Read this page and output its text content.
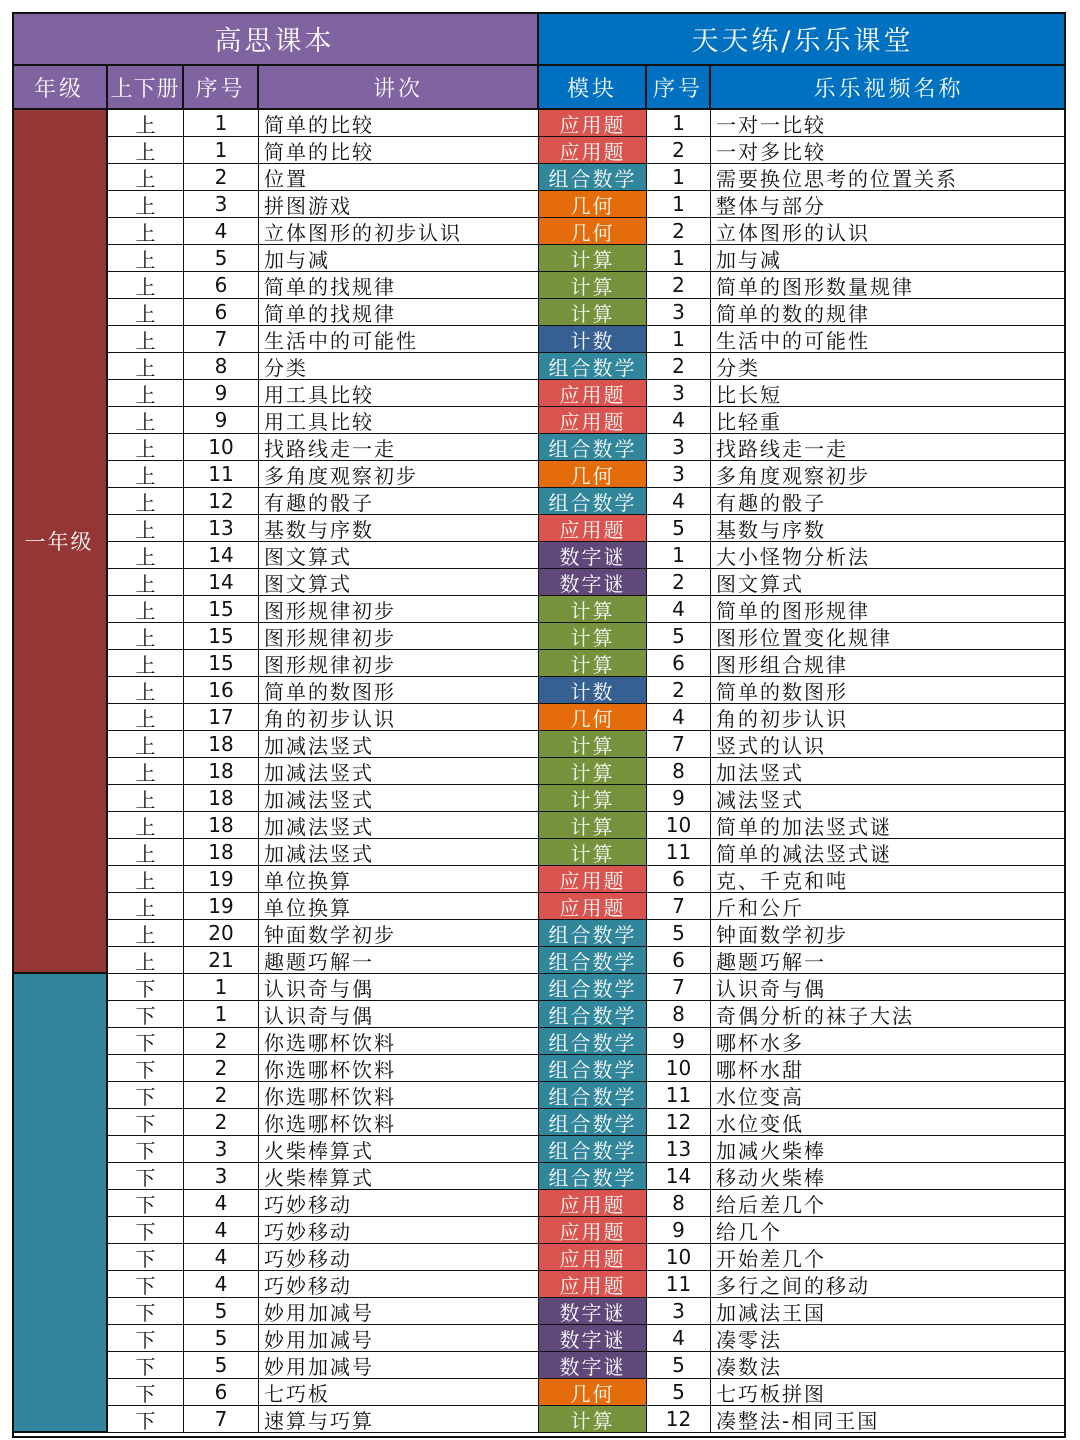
高思课本	天天练/乐乐课堂
年级	上下册 序号	讲次	模块	序号	乐乐视频名称
一年级
上	1	简单的比较	应用题	1	一对一比较
上	1	简单的比较	应用题	2	一对多比较
上	2	位置	组合数学	1	需要换位思考的位置关系
上	3	拼图游戏	几何	1	整体与部分
上	4	立体图形的初步认识	几何	2	立体图形的认识
上	5	加与减	计算	1	加与减
上	6	简单的找规律	计算	2	简单的图形数量规律
上	6	简单的找规律	计算	3	简单的数的规律
上	7	生活中的可能性	计数	1	生活中的可能性
上	8	分类	组合数学	2	分类
上	9	用工具比较	应用题	3	比长短
上	9	用工具比较	应用题	4	比轻重
上	10	找路线走一走	组合数学	3	找路线走一走
上	11	多角度观察初步	几何	3	多角度观察初步
上	12	有趣的骰子	组合数学	4	有趣的骰子
上	13	基数与序数	应用题	5	基数与序数
上	14	图文算式	数字谜	1	大小怪物分析法
上	14	图文算式	数字谜	2	图文算式
上	15	图形规律初步	计算	4	简单的图形规律
上	15	图形规律初步	计算	5	图形位置变化规律
上	15	图形规律初步	计算	6	图形组合规律
上	16	简单的数图形	计数	2	简单的数图形
上	17	角的初步认识	几何	4	角的初步认识
上	18	加减法竖式	计算	7	竖式的认识
上	18	加减法竖式	计算	8	加法竖式
上	18	加减法竖式	计算	9	减法竖式
上	18	加减法竖式	计算	10	简单的加法竖式谜
上	18	加减法竖式	计算	11	简单的减法竖式谜
上	19	单位换算	应用题	6	克、千克和吨
上	19	单位换算	应用题	7	斤和公斤
上	20	钟面数学初步	组合数学	5	钟面数学初步
上	21	趣题巧解一	组合数学	6	趣题巧解一
下	1	认识奇与偶	组合数学	7	认识奇与偶
下	1	认识奇与偶	组合数学	8	奇偶分析的袜子大法
下	2	你选哪杯饮料	组合数学	9	哪杯水多
下	2	你选哪杯饮料	组合数学	10	哪杯水甜
下	2	你选哪杯饮料	组合数学	11	水位变高
下	2	你选哪杯饮料	组合数学	12	水位变低
下	3	火柴棒算式	组合数学	13	加减火柴棒
下	3	火柴棒算式	组合数学	14	移动火柴棒
下	4	巧妙移动	应用题	8	给后差几个
下	4	巧妙移动	应用题	9	给几个
下	4	巧妙移动	应用题	10	开始差几个
下	4	巧妙移动	应用题	11	多行之间的移动
下	5	妙用加减号	数字谜	3	加减法王国
下	5	妙用加减号	数字谜	4	凑零法
下	5	妙用加减号	数字谜	5	凑数法
下	6	七巧板	几何	5	七巧板拼图
下	7	速算与巧算	计算	12	凑整法-相同王国
